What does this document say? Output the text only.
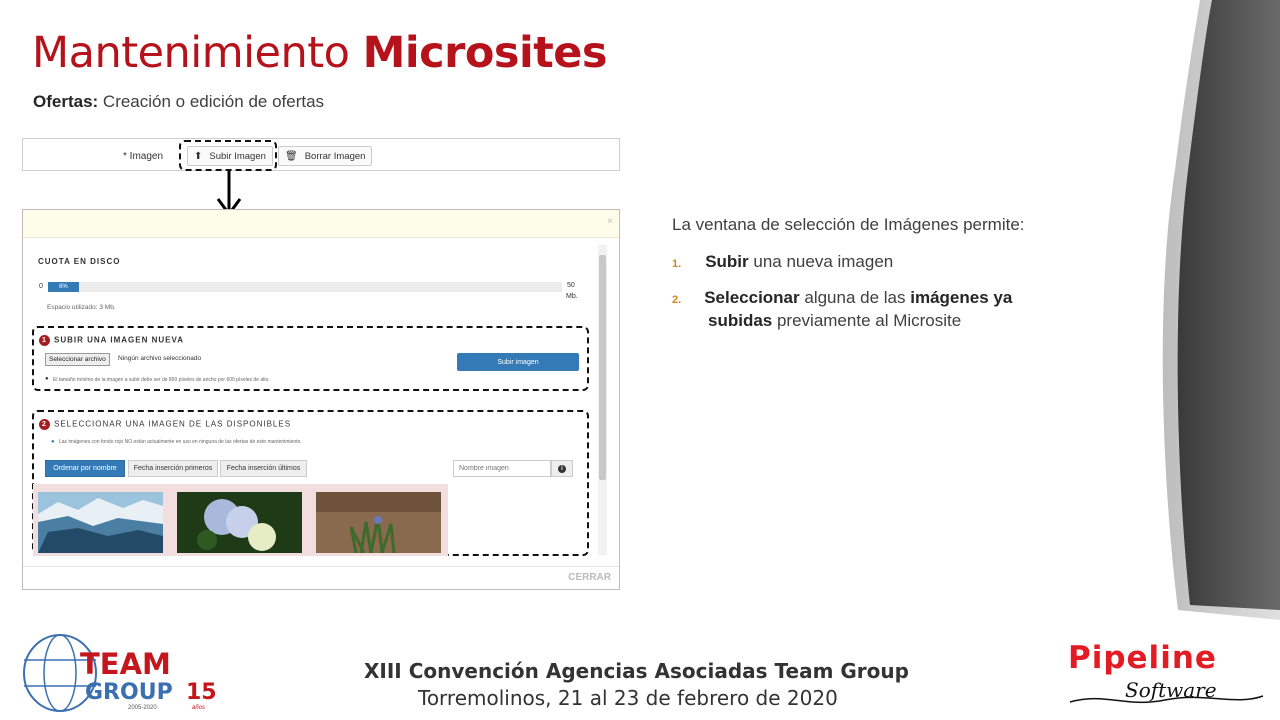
Mantenimiento Microsites
Ofertas: Creación o edición de ofertas
* Imagen	⬆ Subir Imagen 🗑 Borrar Imagen
×
CUOTA EN DISCO
0	6%	50
Mb.
Espacio utilizado: 3 Mb.
1 SUBIR UNA IMAGEN NUEVA
Seleccionar archivo	Ningún archivo seleccionado	Subir imagen
● El tamaño mínimo de la imagen a subir debe ser de 800 píxeles de ancho por 600 píxeles de alto.
2 SELECCIONAR UNA IMAGEN DE LAS DISPONIBLES
● Las imágenes con fondo rojo NO están actualmente en uso en ninguna de las ofertas de este mantenimiento.
Ordenar por nombre	Fecha inserción primeros	Fecha inserción últimos
Nombre imagen	i
CERRAR
La ventana de selección de Imágenes permite:
1. Subir una nueva imagen
2. Seleccionar alguna de las imágenes ya
subidas previamente al Microsite
TEAM
GROUP 15
2005-2020	años
XIII Convención Agencias Asociadas Team Group
Torremolinos, 21 al 23 de febrero de 2020
Pipeline
Software
